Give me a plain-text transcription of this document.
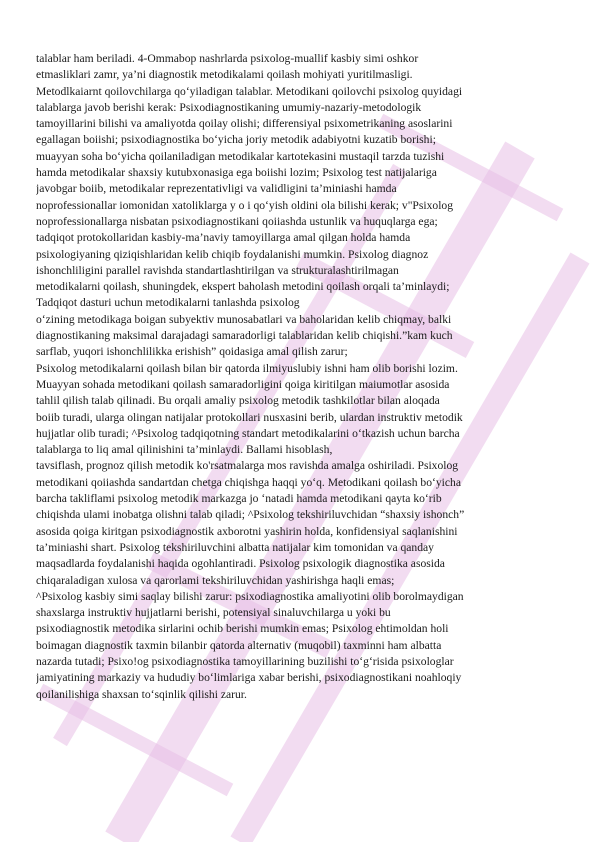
talablar ham beriladi. 4-Ommabop nashrlarda psixolog-muallif kasbiy simi oshkor
etmasliklari zamr, ya’ni diagnostik metodikalami qoilash mohiyati yuritilmasligi.
Metodlkaiarnt qoilovchilarga qo‘yiladigan talablar. Metodikani qoilovchi psixolog quyidagi
talablarga javob berishi kerak: Psixodiagnostikaning umumiy-nazariy-metodologik
tamoyillarini bilishi va amaliyotda qoilay olishi; differensiyal psixometrikaning asoslarini
egallagan boiishi; psixodiagnostika bo‘yicha joriy metodik adabiyotni kuzatib borishi;
muayyan soha bo‘yicha qoilaniladigan metodikalar kartotekasini mustaqil tarzda tuzishi
hamda metodikalar shaxsiy kutubxonasiga ega boiishi lozim; Psixolog test natijalariga
javobgar boiib, metodikalar reprezentativligi va validligini ta’miniashi hamda
noprofessionallar iomonidan xatoliklarga y o i qo‘yish oldini ola bilishi kerak; v"Psixolog
noprofessionallarga nisbatan psixodiagnostikani qoiiashda ustunlik va huquqlarga ega;
tadqiqot protokollaridan kasbiy-ma’naviy tamoyillarga amal qilgan holda hamda
psixologiyaning qiziqishlaridan kelib chiqib foydalanishi mumkin. Psixolog diagnoz
ishonchliligini parallel ravishda standartlashtirilgan va strukturalashtirilmagan
metodikalarni qoilash, shuningdek, ekspert baholash metodini qoilash orqali ta’minlaydi;
Tadqiqot dasturi uchun metodikalarni tanlashda psixolog
o‘zining metodikaga boigan subyektiv munosabatlari va baholaridan kelib chiqmay, balki
diagnostikaning maksimal darajadagi samaradorligi talablaridan kelib chiqishi.”kam kuch
sarflab, yuqori ishonchlilikka erishish” qoidasiga amal qilish zarur;
Psixolog metodikalarni qoilash bilan bir qatorda ilmiyuslubiy ishni ham olib borishi lozim.
Muayyan sohada metodikani qoilash samaradorligini qoiga kiritilgan maiumotlar asosida
tahlil qilish talab qilinadi. Bu orqali amaliy psixolog metodik tashkilotlar bilan aloqada
boiib turadi, ularga olingan natijalar protokollari nusxasini berib, ulardan instruktiv metodik
hujjatlar olib turadi; ^Psixolog tadqiqotning standart metodikalarini o‘tkazish uchun barcha
talablarga to liq amal qilinishini ta’minlaydi. Ballami hisoblash,
tavsiflash, prognoz qilish metodik ko'rsatmalarga mos ravishda amalga oshiriladi. Psixolog
metodikani qoiiashda sandartdan chetga chiqishga haqqi yo‘q. Metodikani qoilash bo‘yicha
barcha takliflami psixolog metodik markazga jo ‘natadi hamda metodikani qayta ko‘rib
chiqishda ulami inobatga olishni talab qiladi; ^Psixolog tekshiriluvchidan “shaxsiy ishonch”
asosida qoiga kiritgan psixodiagnostik axborotni yashirin holda, konfidensiyal saqlanishini
ta’miniashi shart. Psixolog tekshiriluvchini albatta natijalar kim tomonidan va qanday
maqsadlarda foydalanishi haqida ogohlantiradi. Psixolog psixologik diagnostika asosida
chiqaraladigan xulosa va qarorlami tekshiriluvchidan yashirishga haqli emas;
^Psixolog kasbiy simi saqlay bilishi zarur: psixodiagnostika amaliyotini olib borolmaydigan
shaxslarga instruktiv hujjatlarni berishi, potensiyal sinaluvchilarga u yoki bu
psixodiagnostik metodika sirlarini ochib berishi mumkin emas; Psixolog ehtimoldan holi
boimagan diagnostik taxmin bilanbir qatorda alternativ (muqobil) taxminni ham albatta
nazarda tutadi; Psixo!og psixodiagnostika tamoyillarining buzilishi to‘g‘risida psixologlar
jamiyatining markaziy va hududiy bo‘limlariga xabar berishi, psixodiagnostikani noahloqiy
qoilanilishiga shaxsan to‘sqinlik qilishi zarur.
